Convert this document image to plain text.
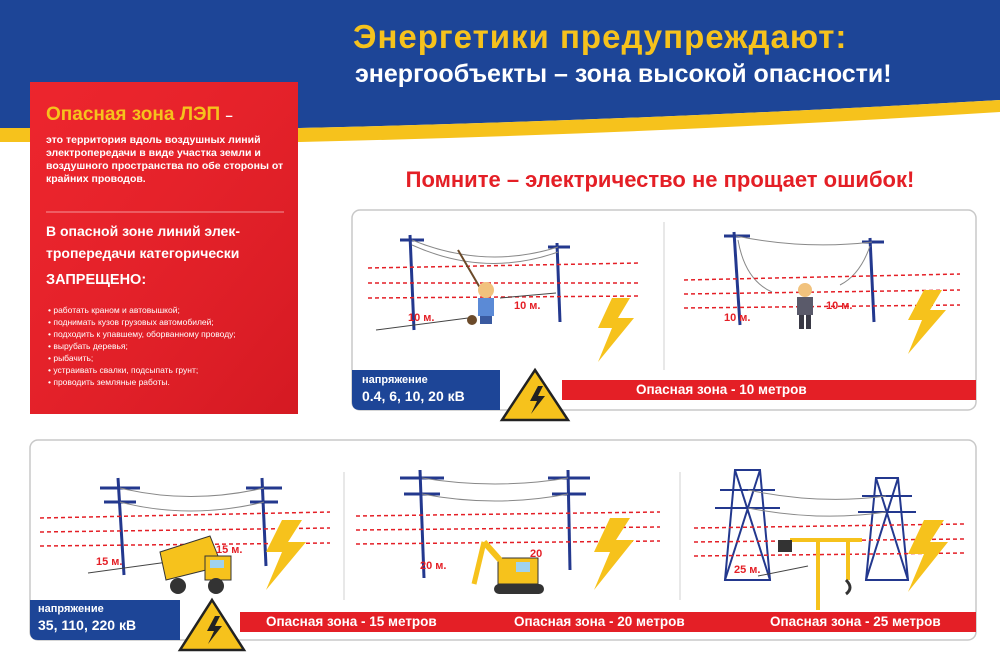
Энергетики предупреждают:
энергообъекты – зона высокой опасности!
Помните – электричество не прощает ошибок!
Опасная зона ЛЭП –
это территория вдоль воздушных линий электропередачи в виде участка земли и воздушного пространства по обе стороны от крайних проводов.
В опасной зоне линий элек- тропередачи категорически
ЗАПРЕЩЕНО:
• работать краном и автовышкой;
• поднимать кузов грузовых автомобилей;
• подходить к упавшему, оборванному проводу;
• вырубать деревья;
• рыбачить;
• устраивать свалки, подсыпать грунт;
• проводить земляные работы.	напряжение
0.4, 6, 10, 20 кВ	Опасная зона - 10 метров
10 м.
10 м.
10 м.
10 м.
напряжение
35, 110, 220 кВ	Опасная зона - 15 метров	Опасная зона - 20 метров	Опасная зона - 25 метров
15 м.
15 м.
20 м.
20
25 м.
